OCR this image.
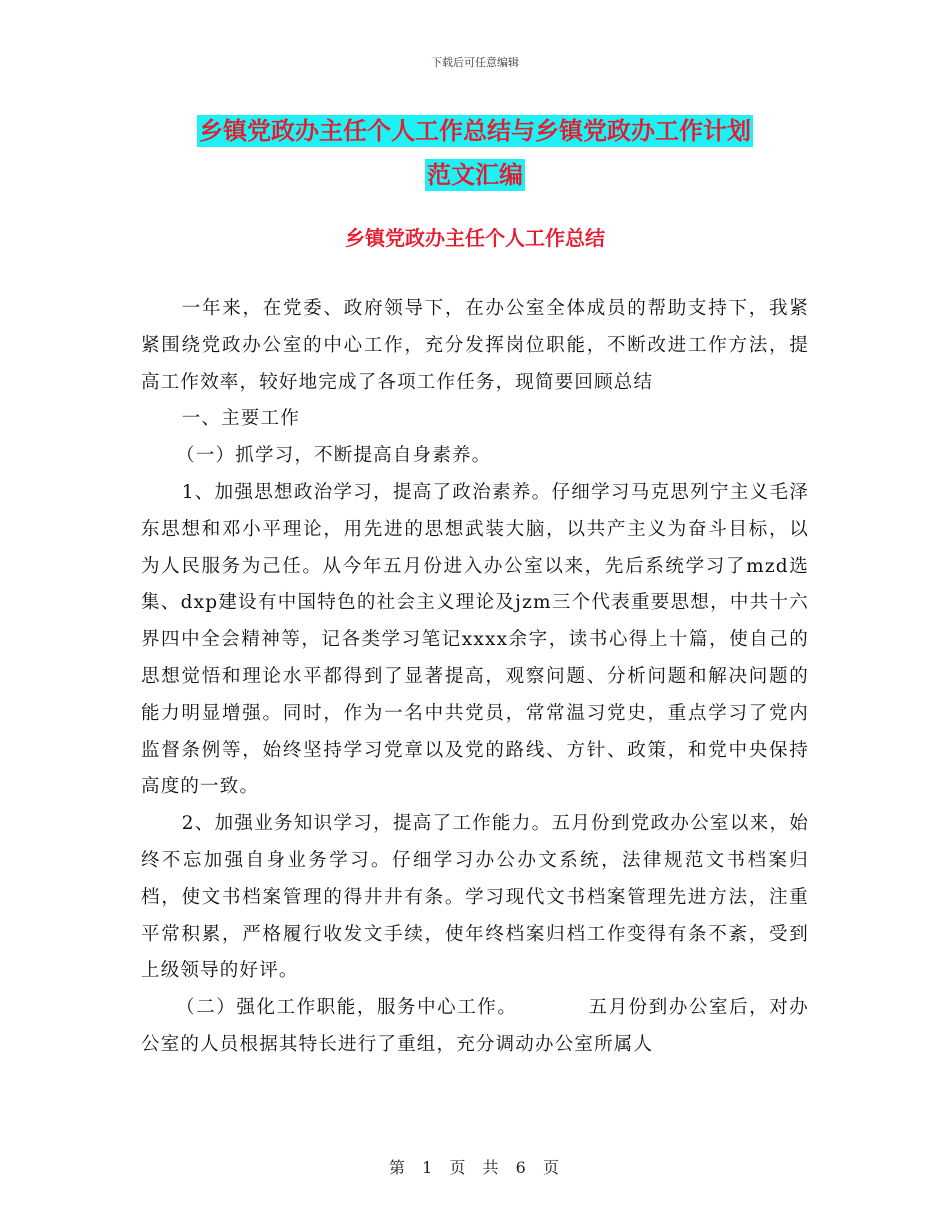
下载后可任意编辑
乡镇党政办主任个人工作总结与乡镇党政办工作计划
范文汇编
乡镇党政办主任个人工作总结

一年来，在党委、政府领导下，在办公室全体成员的帮助支持下，我紧紧围绕党政办公室的中心工作，充分发挥岗位职能，不断改进工作方法，提高工作效率，较好地完成了各项工作任务，现简要回顾总结

一、主要工作

（一）抓学习，不断提高自身素养。

1、加强思想政治学习，提高了政治素养。仔细学习马克思列宁主义毛泽东思想和邓小平理论，用先进的思想武装大脑，以共产主义为奋斗目标，以为人民服务为己任。从今年五月份进入办公室以来，先后系统学习了mzd选集、dxp建设有中国特色的社会主义理论及jzm三个代表重要思想，中共十六界四中全会精神等，记各类学习笔记xxxx余字，读书心得上十篇，使自己的思想觉悟和理论水平都得到了显著提高，观察问题、分析问题和解决问题的能力明显增强。同时，作为一名中共党员，常常温习党史，重点学习了党内监督条例等，始终坚持学习党章以及党的路线、方针、政策，和党中央保持高度的一致。

2、加强业务知识学习，提高了工作能力。五月份到党政办公室以来，始终不忘加强自身业务学习。仔细学习办公办文系统，法律规范文书档案归档，使文书档案管理的得井井有条。学习现代文书档案管理先进方法，注重平常积累，严格履行收发文手续，使年终档案归档工作变得有条不紊，受到上级领导的好评。

（二）强化工作职能，服务中心工作。　　　　五月份到办公室后，对办公室的人员根据其特长进行了重组，充分调动办公室所属人

第 1 页 共 6 页
